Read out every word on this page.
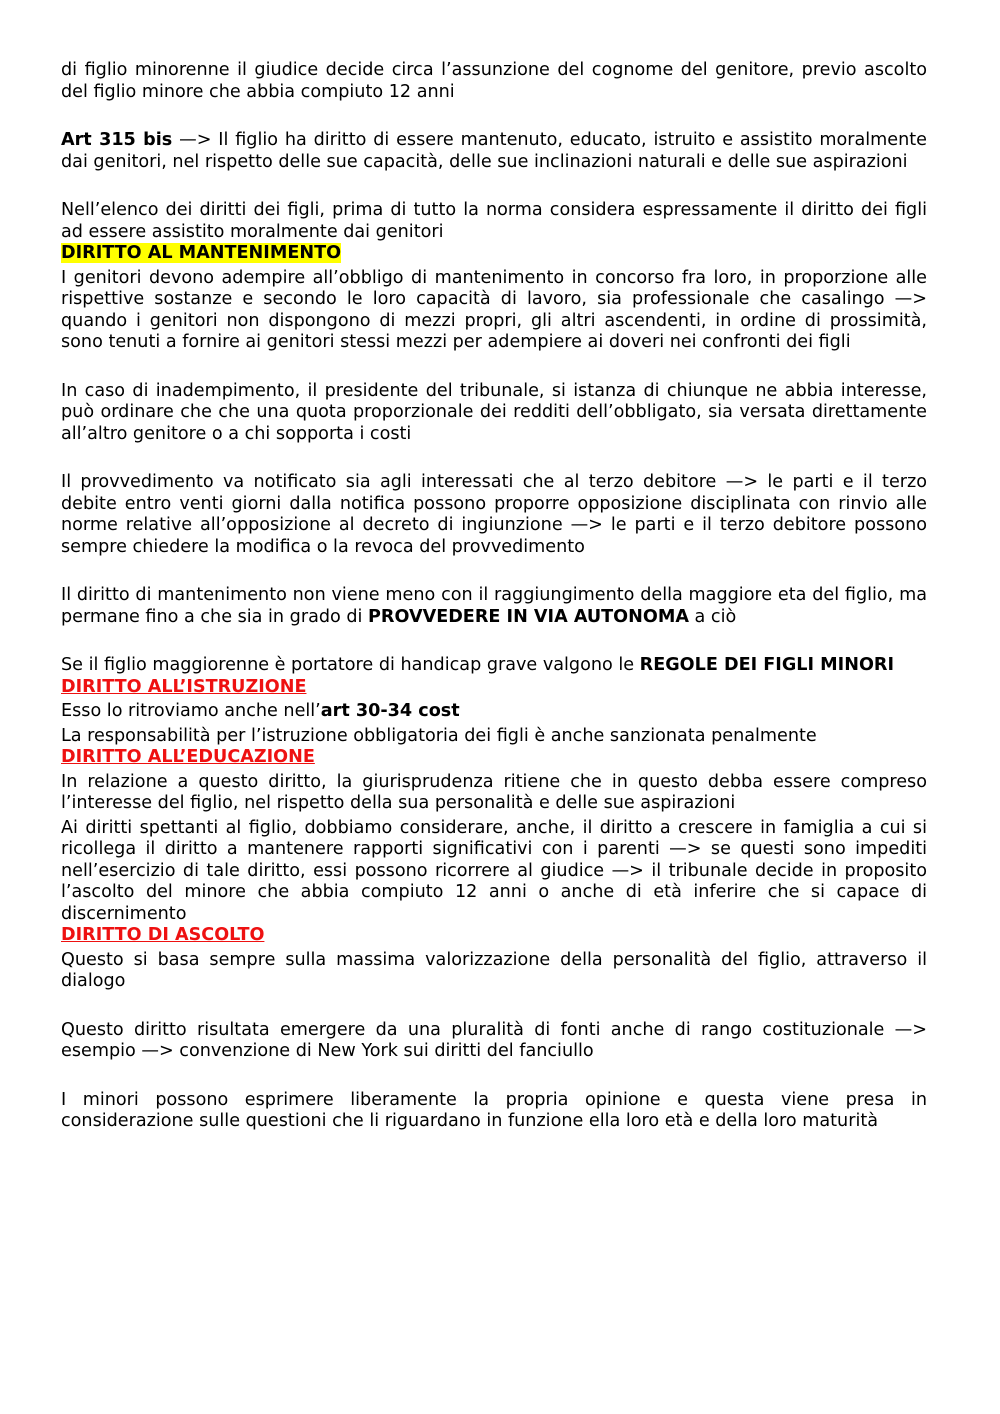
di figlio minorenne il giudice decide circa l’assunzione del cognome del genitore, previo ascolto del figlio minore che abbia compiuto 12 anni

Art 315 bis —> Il figlio ha diritto di essere mantenuto, educato, istruito e assistito moralmente dai genitori, nel rispetto delle sue capacità, delle sue inclinazioni naturali e delle sue aspirazioni

Nell’elenco dei diritti dei figli, prima di tutto la norma considera espressamente il diritto dei figli ad essere assistito moralmente dai genitori

DIRITTO AL MANTENIMENTO

I genitori devono adempire all’obbligo di mantenimento in concorso fra loro, in proporzione alle rispettive sostanze e secondo le loro capacità di lavoro, sia professionale che casalingo —> quando i genitori non dispongono di mezzi propri, gli altri ascendenti, in ordine di prossimità, sono tenuti a fornire ai genitori stessi mezzi per adempiere ai doveri nei confronti dei figli

In caso di inadempimento, il presidente del tribunale, si istanza di chiunque ne abbia interesse, può ordinare che che una quota proporzionale dei redditi dell’obbligato, sia versata direttamente all’altro genitore o a chi sopporta i costi

Il provvedimento va notificato sia agli interessati che al terzo debitore —> le parti e il terzo debite entro venti giorni dalla notifica possono proporre opposizione disciplinata con rinvio alle norme relative all’opposizione al decreto di ingiunzione —> le parti e il terzo debitore possono sempre chiedere la modifica o la revoca del provvedimento

Il diritto di mantenimento non viene meno con il raggiungimento della maggiore eta del figlio, ma permane fino a che sia in grado di PROVVEDERE IN VIA AUTONOMA a ciò

Se il figlio maggiorenne è portatore di handicap grave valgono le REGOLE DEI FIGLI MINORI

DIRITTO ALL’ISTRUZIONE

Esso lo ritroviamo anche nell’art 30-34 cost

La responsabilità per l’istruzione obbligatoria dei figli è anche sanzionata penalmente

DIRITTO ALL’EDUCAZIONE

In relazione a questo diritto, la giurisprudenza ritiene che in questo debba essere compreso l’interesse del figlio, nel rispetto della sua personalità e delle sue aspirazioni

Ai diritti spettanti al figlio, dobbiamo considerare, anche, il diritto a crescere in famiglia a cui si ricollega il diritto a mantenere rapporti significativi con i parenti —> se questi sono impediti nell’esercizio di tale diritto, essi possono ricorrere al giudice —> il tribunale decide in proposito l’ascolto del minore che abbia compiuto 12 anni o anche di età inferire che si capace di discernimento

DIRITTO DI ASCOLTO

Questo si basa sempre sulla massima valorizzazione della personalità del figlio, attraverso il dialogo

Questo diritto risultata emergere da una pluralità di fonti anche di rango costituzionale —> esempio —> convenzione di New York sui diritti del fanciullo

I minori possono esprimere liberamente la propria opinione e questa viene presa in considerazione sulle questioni che li riguardano in funzione ella loro età e della loro maturità
